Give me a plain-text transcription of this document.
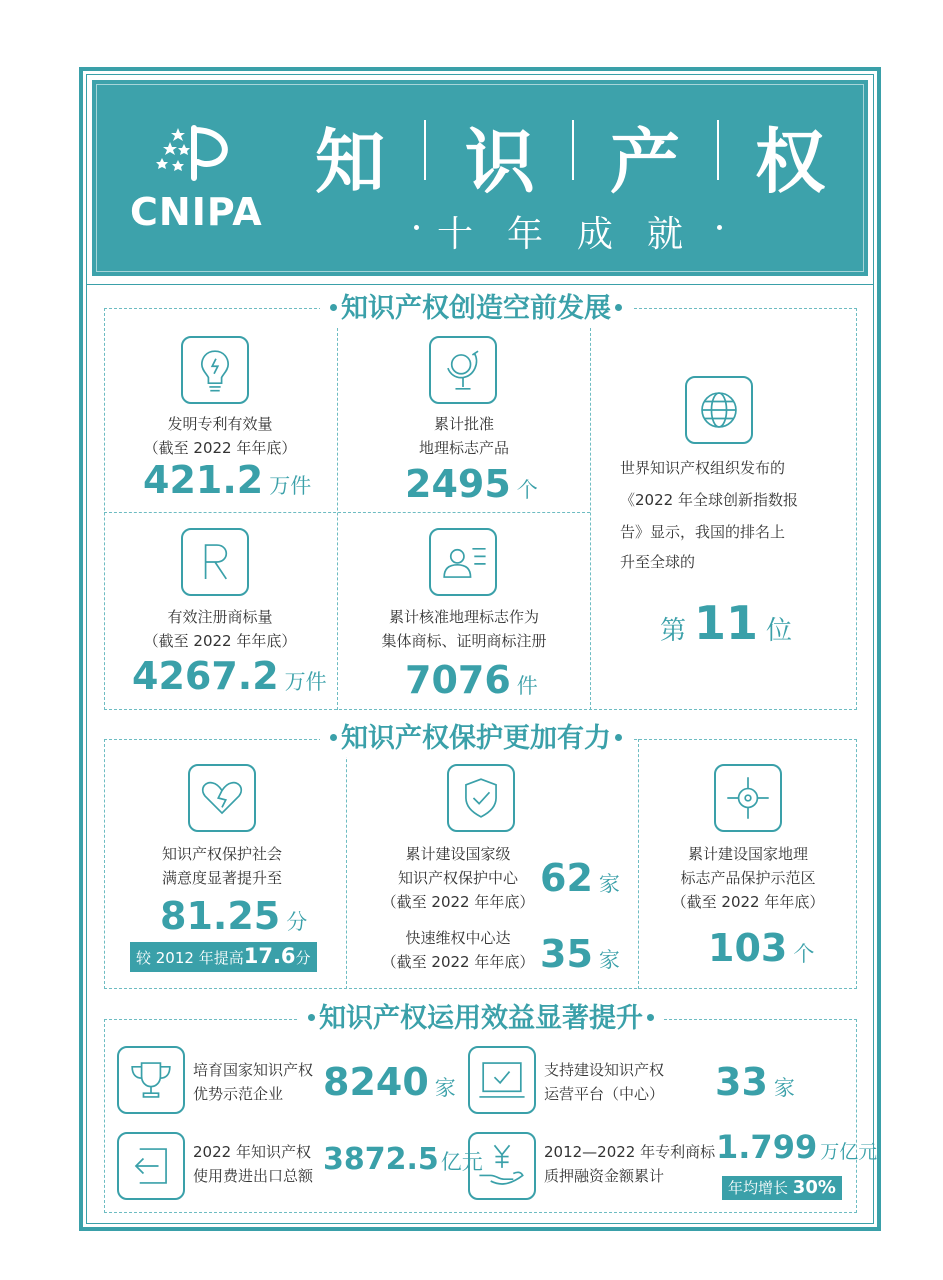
CNIPA
知 识 产 权
十 年 成 就
知识产权创造空前发展
发明专利有效量
（截至 2022 年年底）
421.2 万件
累计批准
地理标志产品
2495 个
世界知识产权组织发布的
《2022 年全球创新指数报
告》显示，我国的排名上
升至全球的
第 11 位
有效注册商标量
（截至 2022 年年底）
4267.2 万件
累计核准地理标志作为
集体商标、证明商标注册
7076 件
知识产权保护更加有力
知识产权保护社会
满意度显著提升至
81.25 分
较 2012 年提高17.6分
累计建设国家级
知识产权保护中心
（截至 2022 年年底）
62 家
快速维权中心达
（截至 2022 年年底） 35 家
累计建设国家地理
标志产品保护示范区
（截至 2022 年年底）
103 个
知识产权运用效益显著提升
培育国家知识产权
优势示范企业	8240 家
支持建设知识产权
运营平台（中心）	33 家
2022 年知识产权
使用费进出口总额 3872.5亿元	2012—2022 年专利商标
质押融资金额累计
1.799 万亿元
年均增长 30%
